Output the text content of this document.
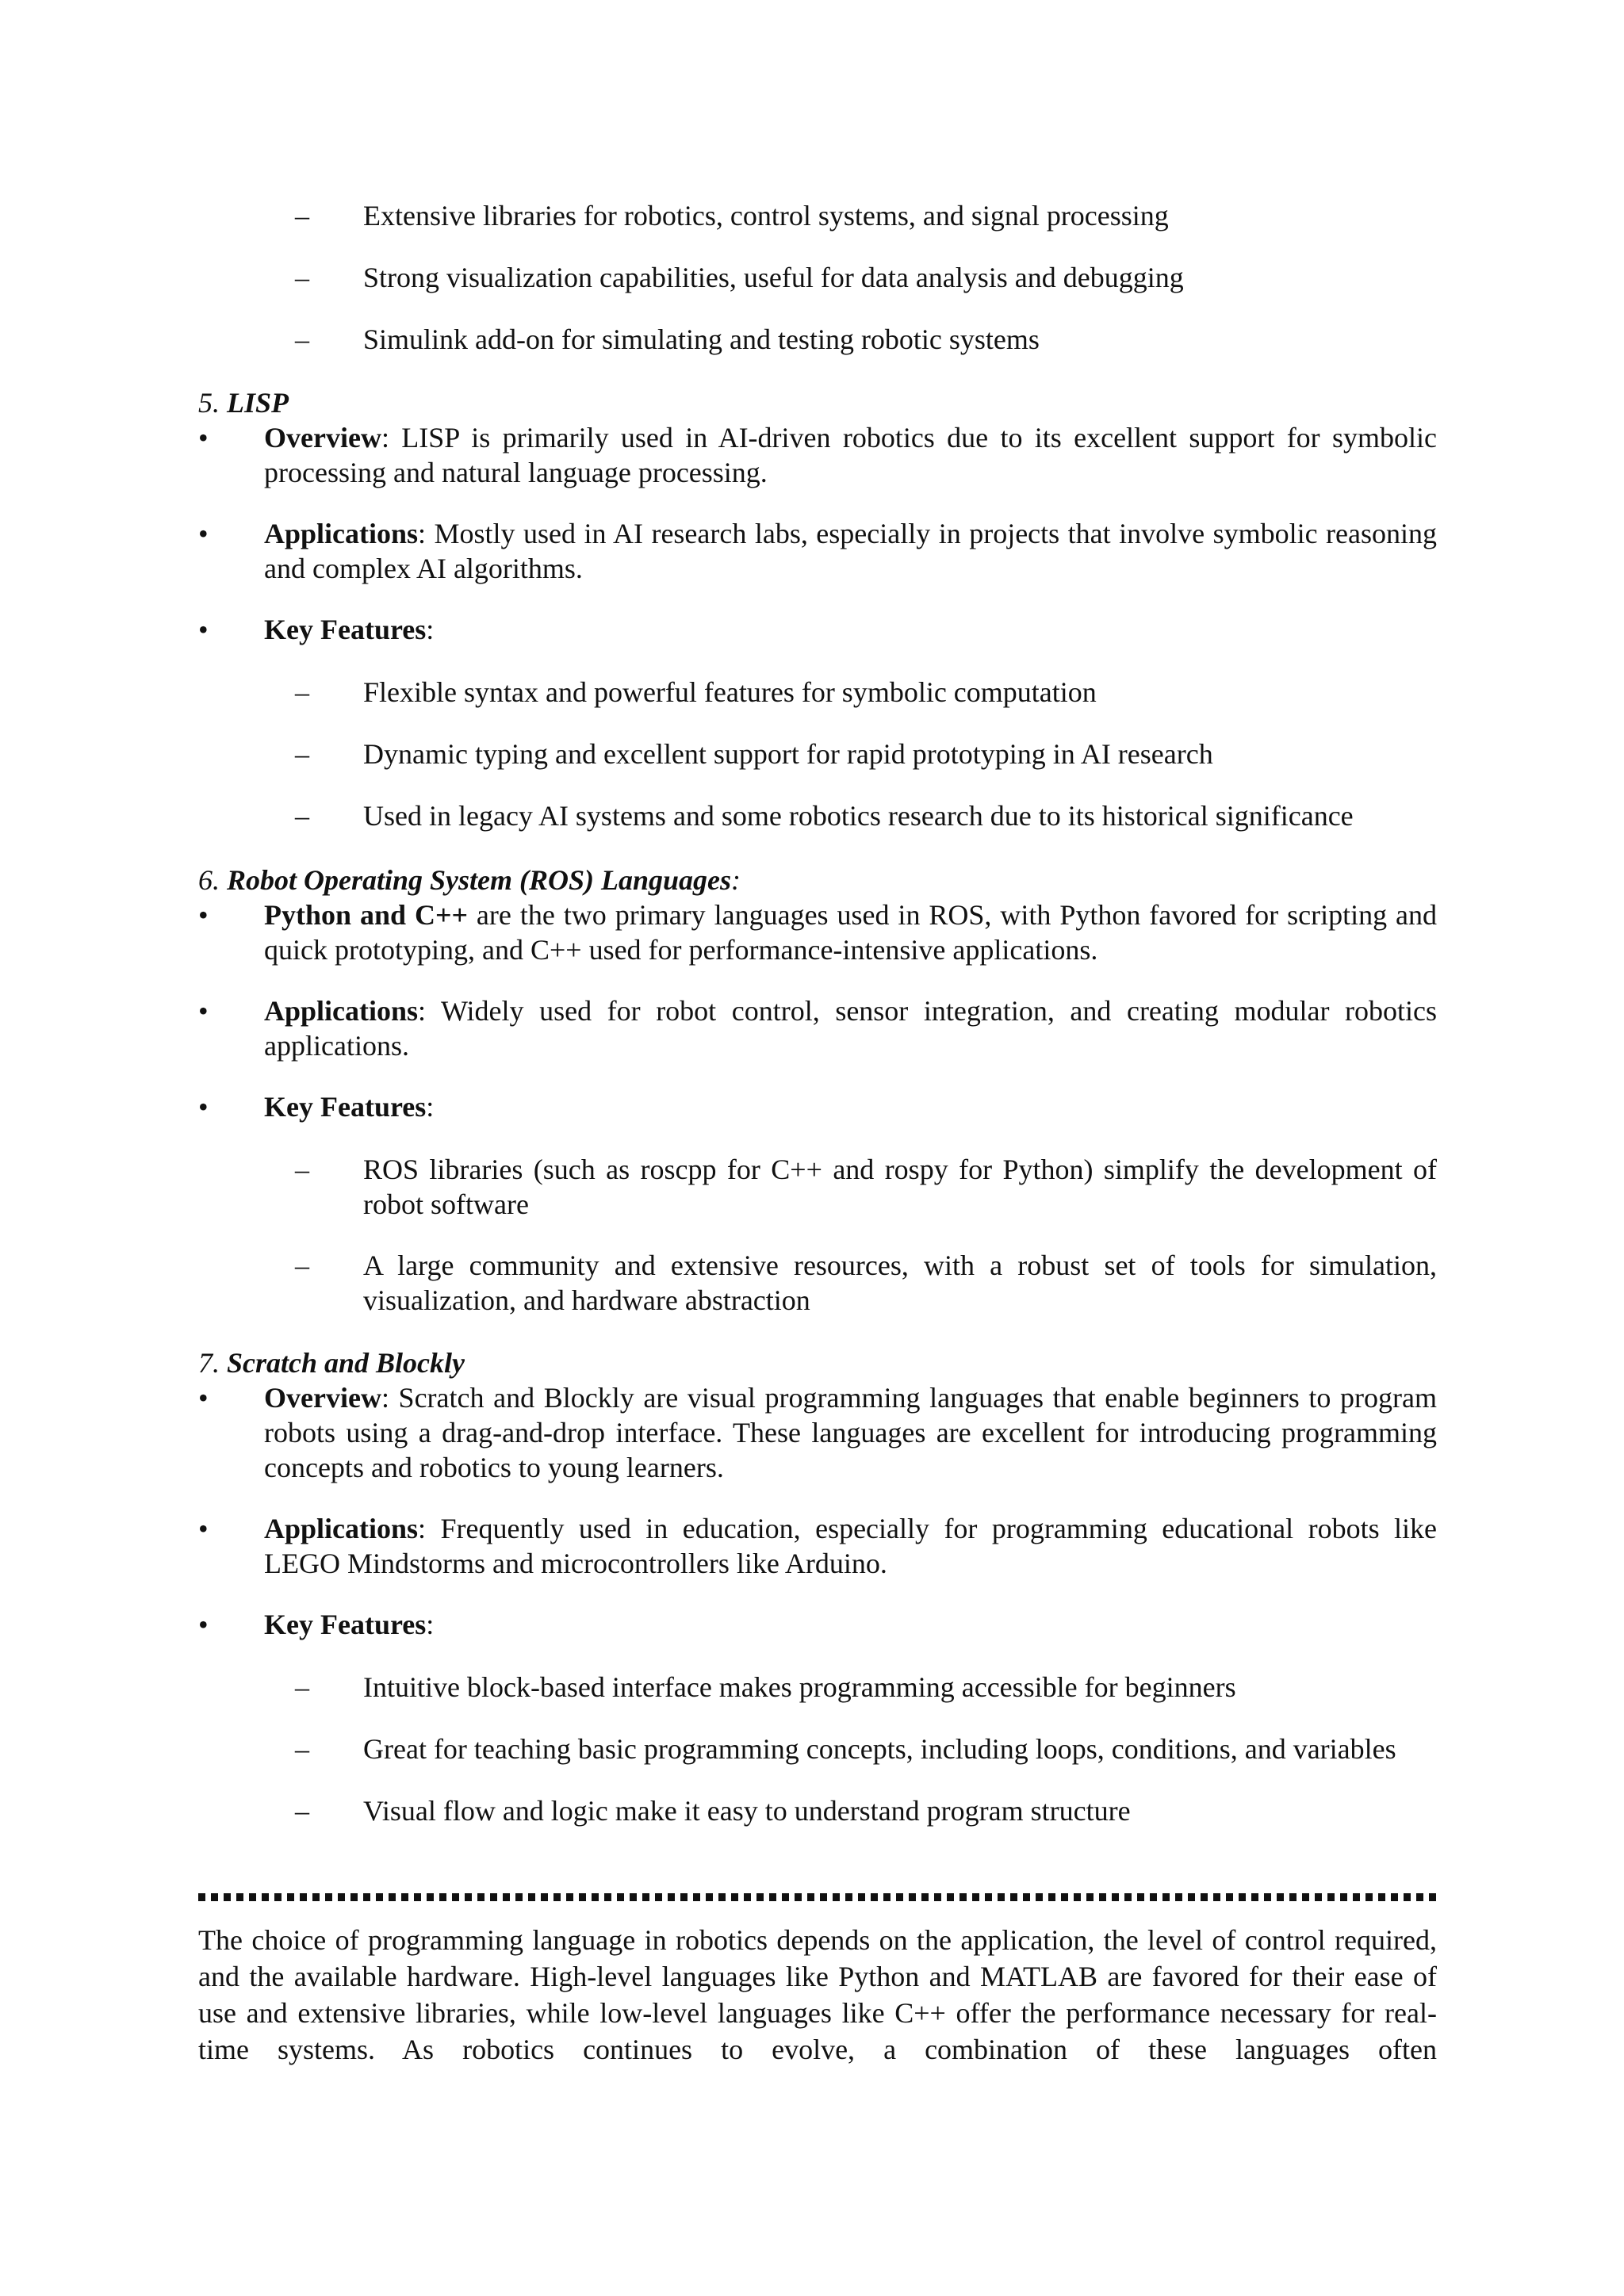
–	Extensive libraries for robotics, control systems, and signal processing
–	Strong visualization capabilities, useful for data analysis and debugging
–	Simulink add-on for simulating and testing robotic systems
5. LISP
•	Overview: LISP is primarily used in AI-driven robotics due to its excellent support for symbolic processing and natural language processing.
•	Applications: Mostly used in AI research labs, especially in projects that involve symbolic reasoning and complex AI algorithms.
•	Key Features:
–	Flexible syntax and powerful features for symbolic computation
–	Dynamic typing and excellent support for rapid prototyping in AI research
–	Used in legacy AI systems and some robotics research due to its historical significance
6. Robot Operating System (ROS) Languages:
•	Python and C++ are the two primary languages used in ROS, with Python favored for scripting and quick prototyping, and C++ used for performance-intensive applications.
•	Applications: Widely used for robot control, sensor integration, and creating modular robotics applications.
•	Key Features:
–	ROS libraries (such as roscpp for C++ and rospy for Python) simplify the development of robot software
–	A large community and extensive resources, with a robust set of tools for simulation, visualization, and hardware abstraction
7. Scratch and Blockly
•	Overview: Scratch and Blockly are visual programming languages that enable beginners to program robots using a drag-and-drop interface. These languages are excellent for introducing programming concepts and robotics to young learners.
•	Applications: Frequently used in education, especially for programming educational robots like LEGO Mindstorms and microcontrollers like Arduino.
•	Key Features:
–	Intuitive block-based interface makes programming accessible for beginners
–	Great for teaching basic programming concepts, including loops, conditions, and variables
–	Visual flow and logic make it easy to understand program structure
The choice of programming language in robotics depends on the application, the level of control required, and the available hardware. High-level languages like Python and MATLAB are favored for their ease of use and extensive libraries, while low-level languages like C++ offer the performance necessary for real-time systems. As robotics continues to evolve, a combination of these languages often
